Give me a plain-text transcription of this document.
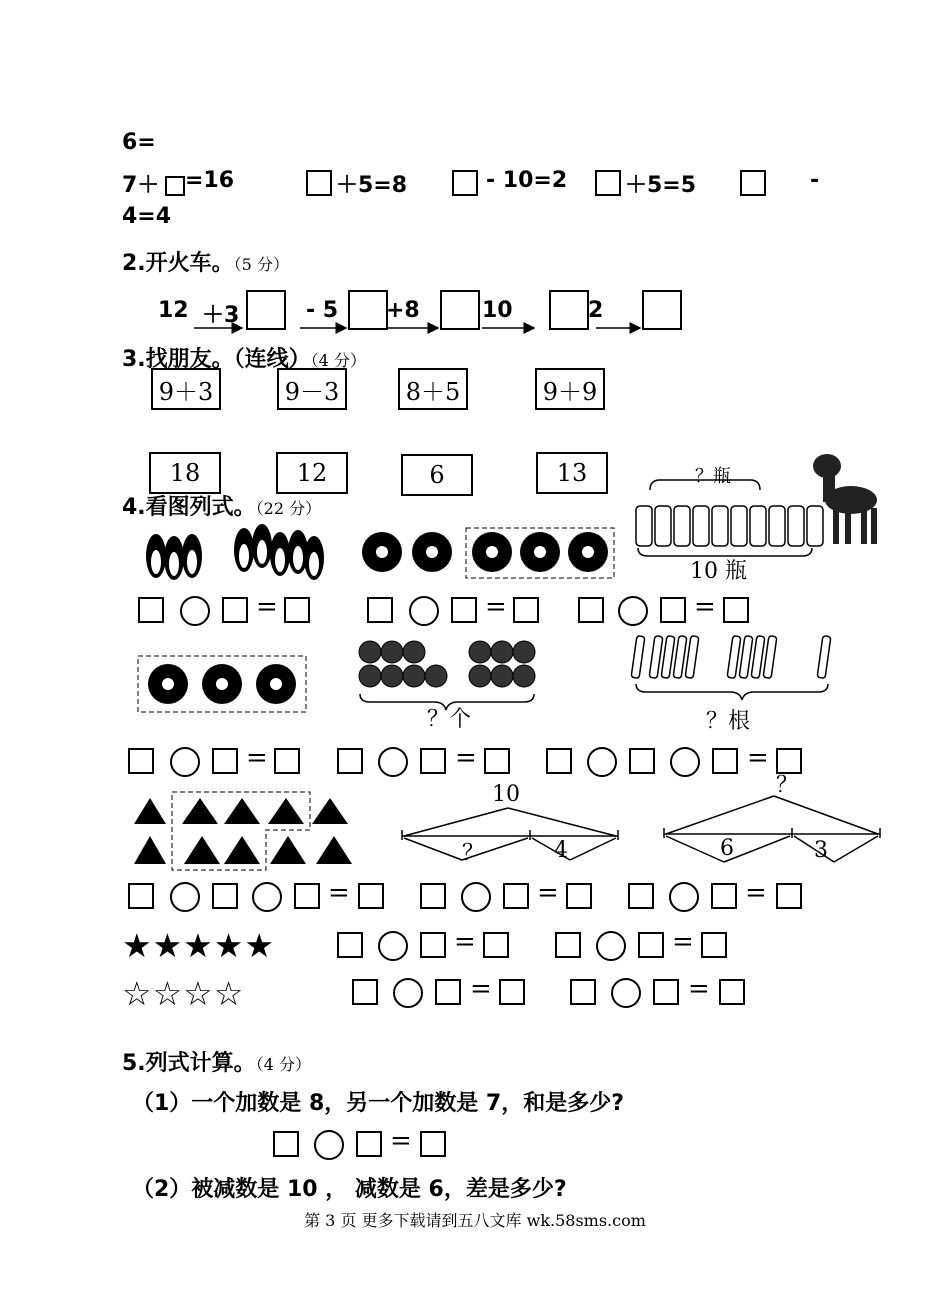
6=
7＋ =16	＋5=8	- 10=2	＋5=5	-
4=4
2.开火车。（5 分）
12 ＋3	- 5 +8	10	2
3.找朋友。（连线）（4 分）
9＋3	9－3	8＋5	9＋9
18	12	6	13
4.看图列式。（22 分）
？瓶
10 瓶
=	=	=
？个	？根
=	=	=
10
？	4
？
6	3
=	=	=
★★★★★	=	=
☆☆☆☆	=	=
5.列式计算。（4 分）
（1）一个加数是 8，另一个加数是 7，和是多少?
=
（2）被减数是 10 ， 减数是 6，差是多少?
第 3 页 更多下载请到五八文库 wk.58sms.com
